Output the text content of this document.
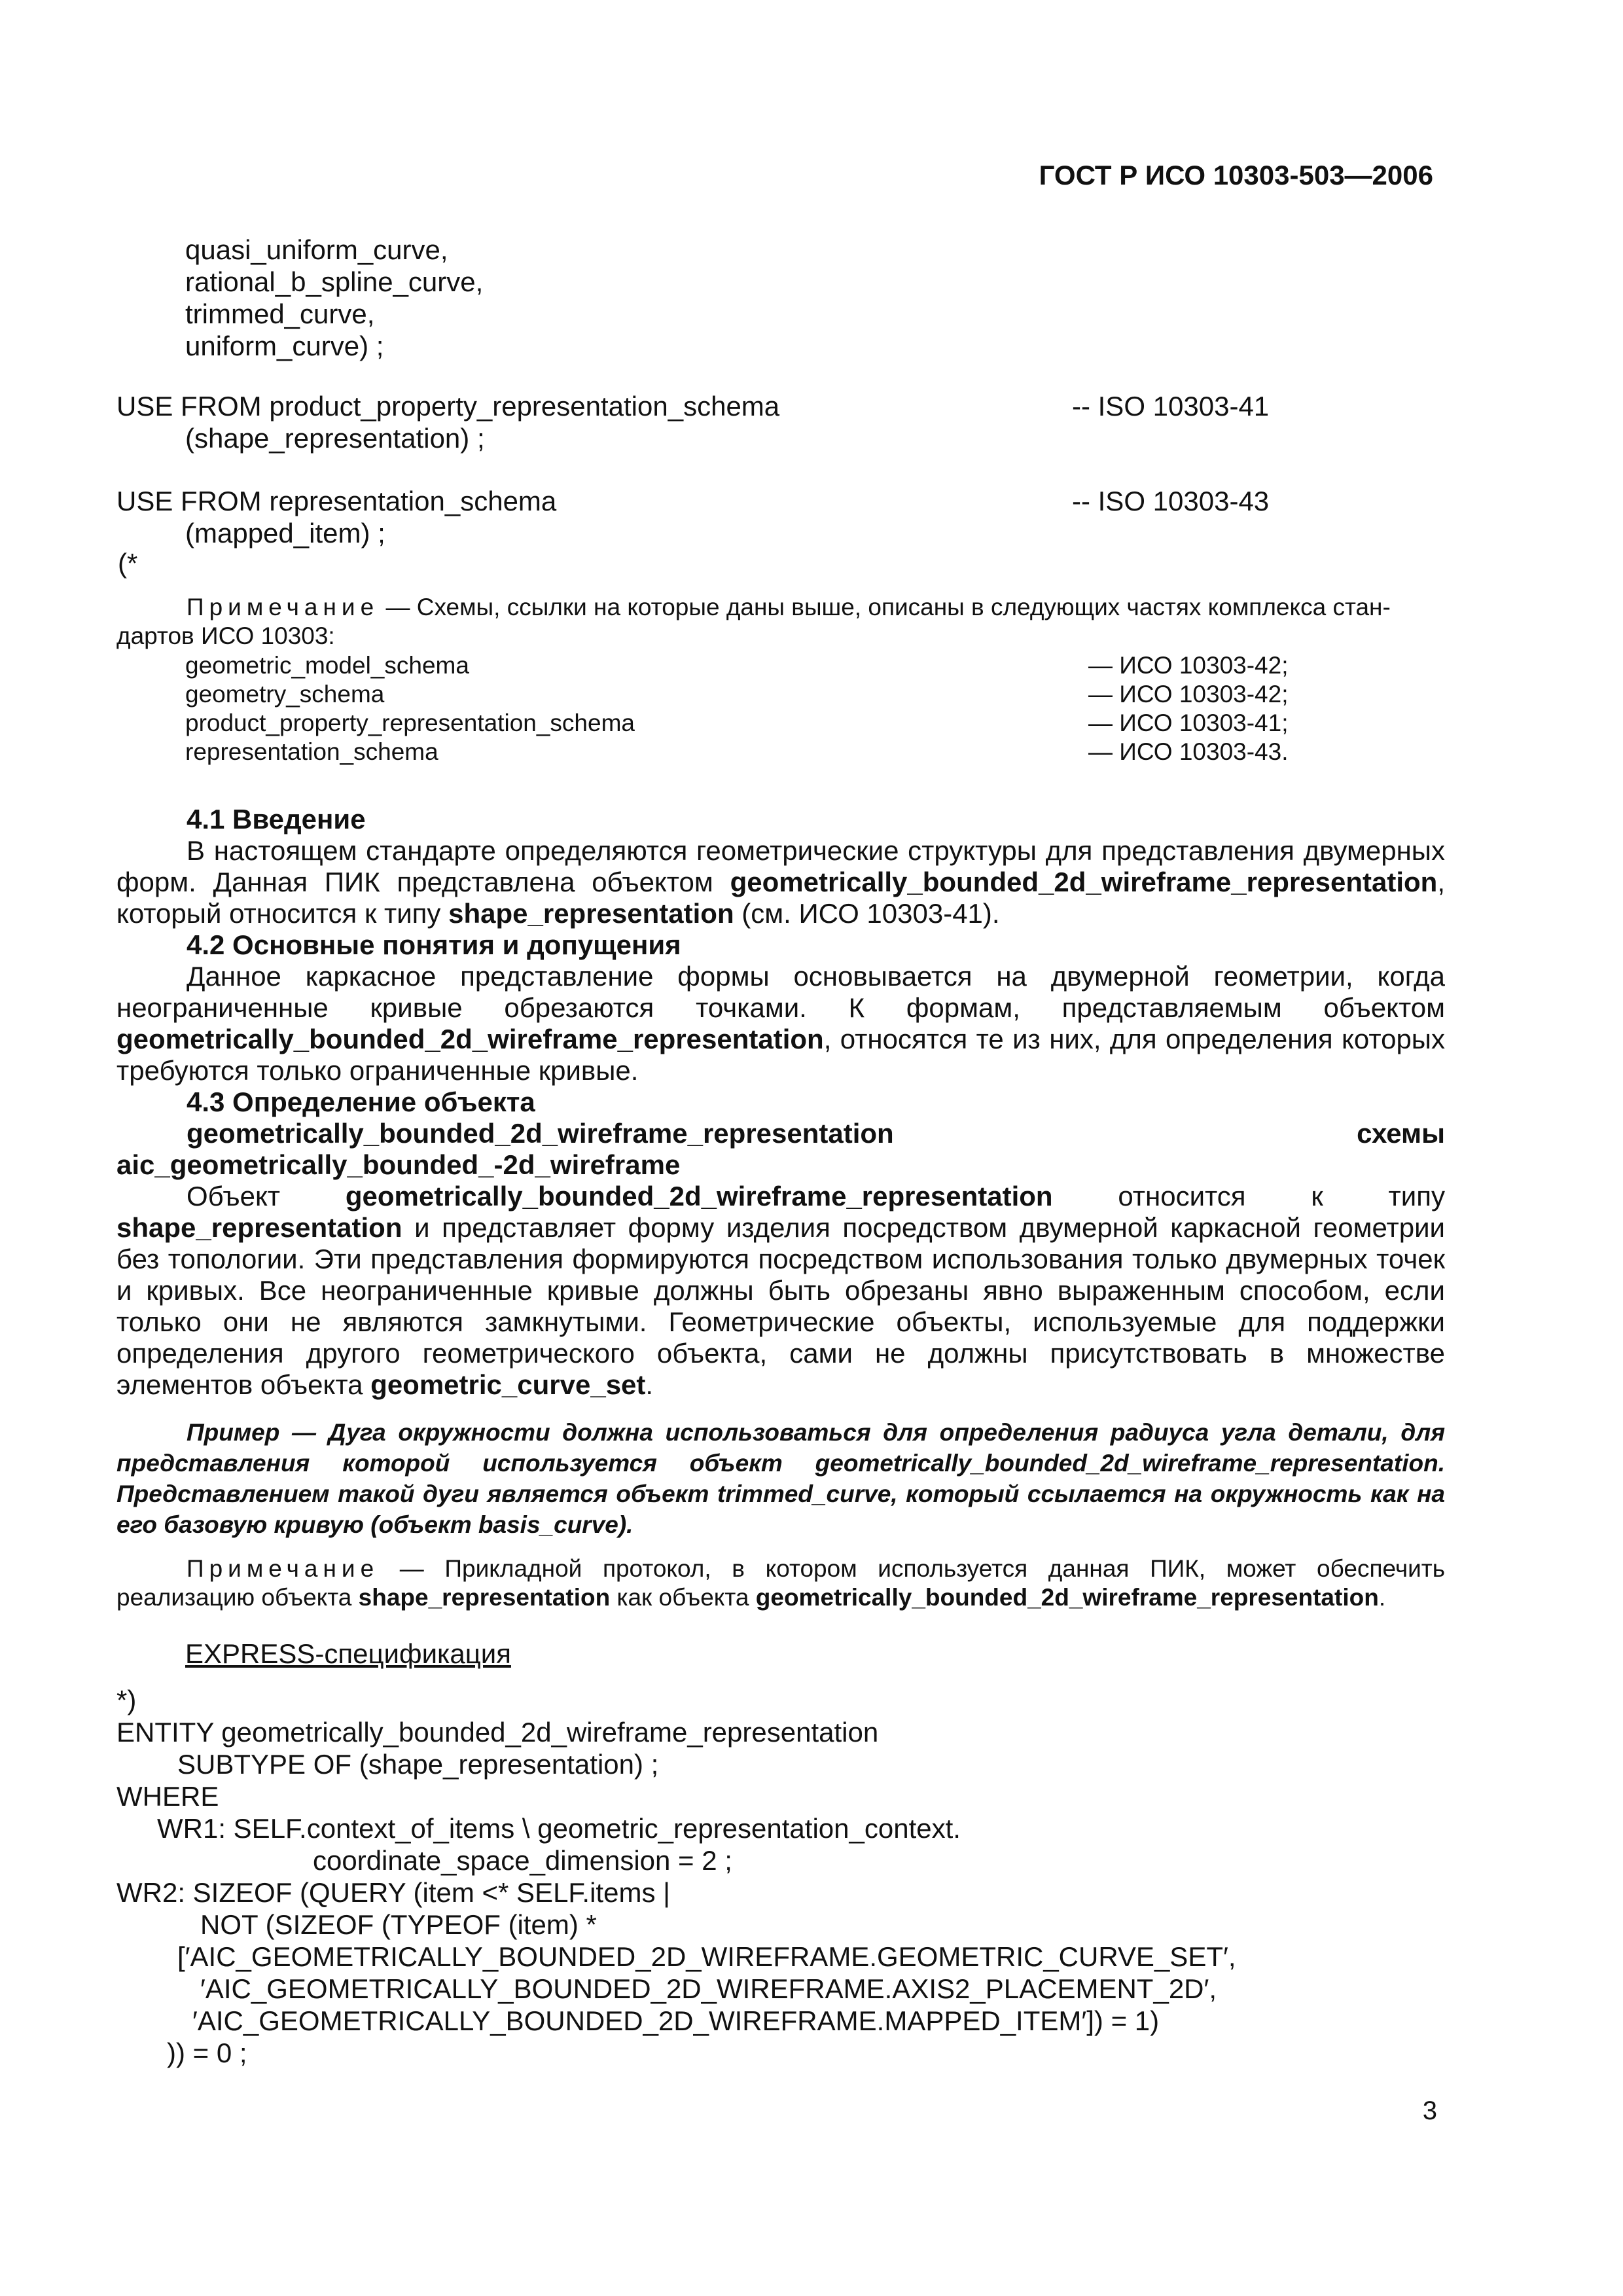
ГОСТ Р ИСО 10303-503—2006
quasi_uniform_curve,
rational_b_spline_curve,
trimmed_curve,
uniform_curve) ;
USE FROM product_property_representation_schema
(shape_representation) ;
-- ISO 10303-41
USE FROM representation_schema
(mapped_item) ;
-- ISO 10303-43
(*
Примечание — Схемы, ссылки на которые даны выше, описаны в следующих частях комплекса стан-
дартов ИСО 10303:
geometric_model_schema	— ИСО 10303-42;
geometry_schema	— ИСО 10303-42;
product_property_representation_schema	— ИСО 10303-41;
representation_schema	— ИСО 10303-43.
4.1 Введение
В настоящем стандарте определяются геометрические структуры для представления двумерных форм. Данная ПИК представлена объектом geometrically_bounded_2d_wireframe_representation, который относится к типу shape_representation (см. ИСО 10303-41).
4.2 Основные понятия и допущения
Данное каркасное представление формы основывается на двумерной геометрии, когда неограниченные кривые обрезаются точками. К формам, представляемым объектом geometrically_bounded_2d_wireframe_representation, относятся те из них, для определения которых требуются только ограниченные кривые.
4.3 Определение объекта
geometrically_bounded_2d_wireframe_representation схемы aic_geometrically_bounded_-2d_wireframe
Объект geometrically_bounded_2d_wireframe_representation относится к типу shape_representation и представляет форму изделия посредством двумерной каркасной геометрии без топологии. Эти представления формируются посредством использования только двумерных точек и кривых. Все неограниченные кривые должны быть обрезаны явно выраженным способом, если только они не являются замкнутыми. Геометрические объекты, используемые для поддержки определения другого геометрического объекта, сами не должны присутствовать в множестве элементов объекта geometric_curve_set.
Пример — Дуга окружности должна использоваться для определения радиуса угла детали, для представления которой используется объект geometrically_bounded_2d_wireframe_representation. Представлением такой дуги является объект trimmed_curve, который ссылается на окружность как на его базовую кривую (объект basis_curve).
Примечание — Прикладной протокол, в котором используется данная ПИК, может обеспечить реализацию объекта shape_representation как объекта geometrically_bounded_2d_wireframe_representation.
EXPRESS-спецификация
*)
ENTITY geometrically_bounded_2d_wireframe_representation
SUBTYPE OF (shape_representation) ;
WHERE
WR1: SELF.context_of_items \ geometric_representation_context.
coordinate_space_dimension = 2 ;
WR2: SIZEOF (QUERY (item <* SELF.items |
NOT (SIZEOF (TYPEOF (item) *
[′AIC_GEOMETRICALLY_BOUNDED_2D_WIREFRAME.GEOMETRIC_CURVE_SET′,
′AIC_GEOMETRICALLY_BOUNDED_2D_WIREFRAME.AXIS2_PLACEMENT_2D′,
′AIC_GEOMETRICALLY_BOUNDED_2D_WIREFRAME.MAPPED_ITEM′]) = 1)
)) = 0 ;
3
